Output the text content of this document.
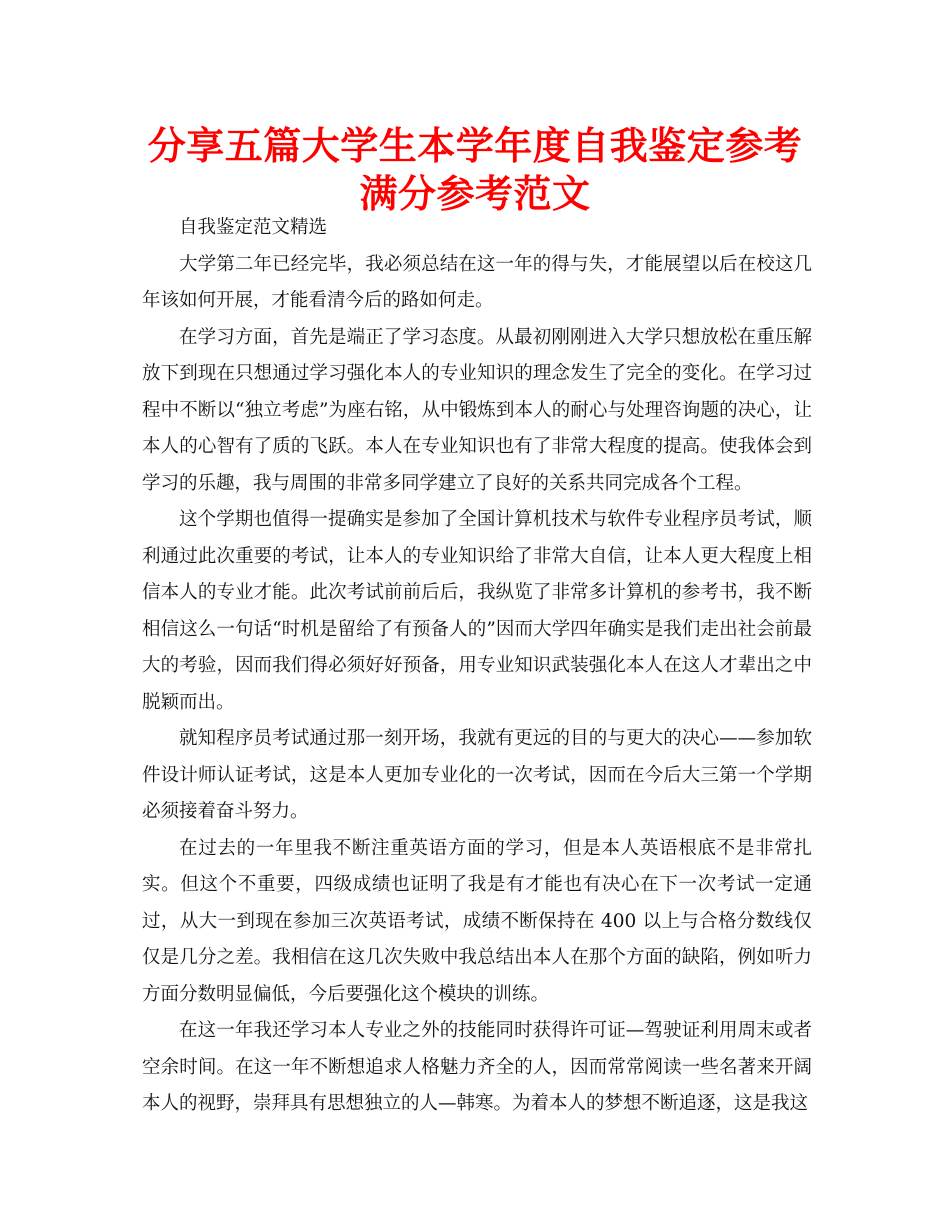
分享五篇大学生本学年度自我鉴定参考满分参考范文

自我鉴定范文精选

大学第二年已经完毕，我必须总结在这一年的得与失，才能展望以后在校这几年该如何开展，才能看清今后的路如何走。

在学习方面，首先是端正了学习态度。从最初刚刚进入大学只想放松在重压解放下到现在只想通过学习强化本人的专业知识的理念发生了完全的变化。在学习过程中不断以“独立考虑”为座右铭，从中锻炼到本人的耐心与处理咨询题的决心，让本人的心智有了质的飞跃。本人在专业知识也有了非常大程度的提高。使我体会到学习的乐趣，我与周围的非常多同学建立了良好的关系共同完成各个工程。

这个学期也值得一提确实是参加了全国计算机技术与软件专业程序员考试，顺利通过此次重要的考试，让本人的专业知识给了非常大自信，让本人更大程度上相信本人的专业才能。此次考试前前后后，我纵览了非常多计算机的参考书，我不断相信这么一句话“时机是留给了有预备人的”因而大学四年确实是我们走出社会前最大的考验，因而我们得必须好好预备，用专业知识武装强化本人在这人才辈出之中脱颖而出。

就知程序员考试通过那一刻开场，我就有更远的目的与更大的决心——参加软件设计师认证考试，这是本人更加专业化的一次考试，因而在今后大三第一个学期必须接着奋斗努力。

在过去的一年里我不断注重英语方面的学习，但是本人英语根底不是非常扎实。但这个不重要，四级成绩也证明了我是有才能也有决心在下一次考试一定通过，从大一到现在参加三次英语考试，成绩不断保持在 400 以上与合格分数线仅仅是几分之差。我相信在这几次失败中我总结出本人在那个方面的缺陷，例如听力方面分数明显偏低，今后要强化这个模块的训练。

在这一年我还学习本人专业之外的技能同时获得许可证—驾驶证利用周末或者空余时间。在这一年不断想追求人格魅力齐全的人，因而常常阅读一些名著来开阔本人的视野，崇拜具有思想独立的人—韩寒。为着本人的梦想不断追逐，这是我这
